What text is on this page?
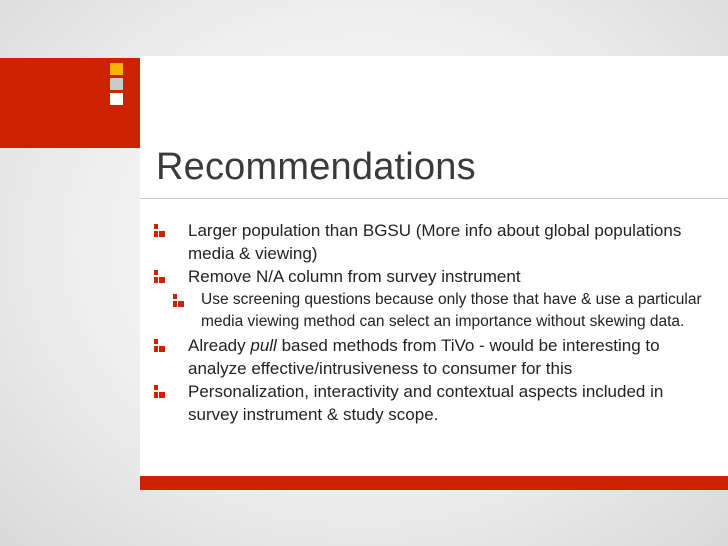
Recommendations
Larger population than BGSU (More info about global populations media & viewing)
Remove N/A column from survey instrument
Use screening questions because only those that have & use a particular media viewing method can select an importance without skewing data.
Already pull based methods from TiVo - would be interesting to analyze effective/intrusiveness to consumer for this
Personalization, interactivity and contextual aspects included in survey instrument & study scope.
